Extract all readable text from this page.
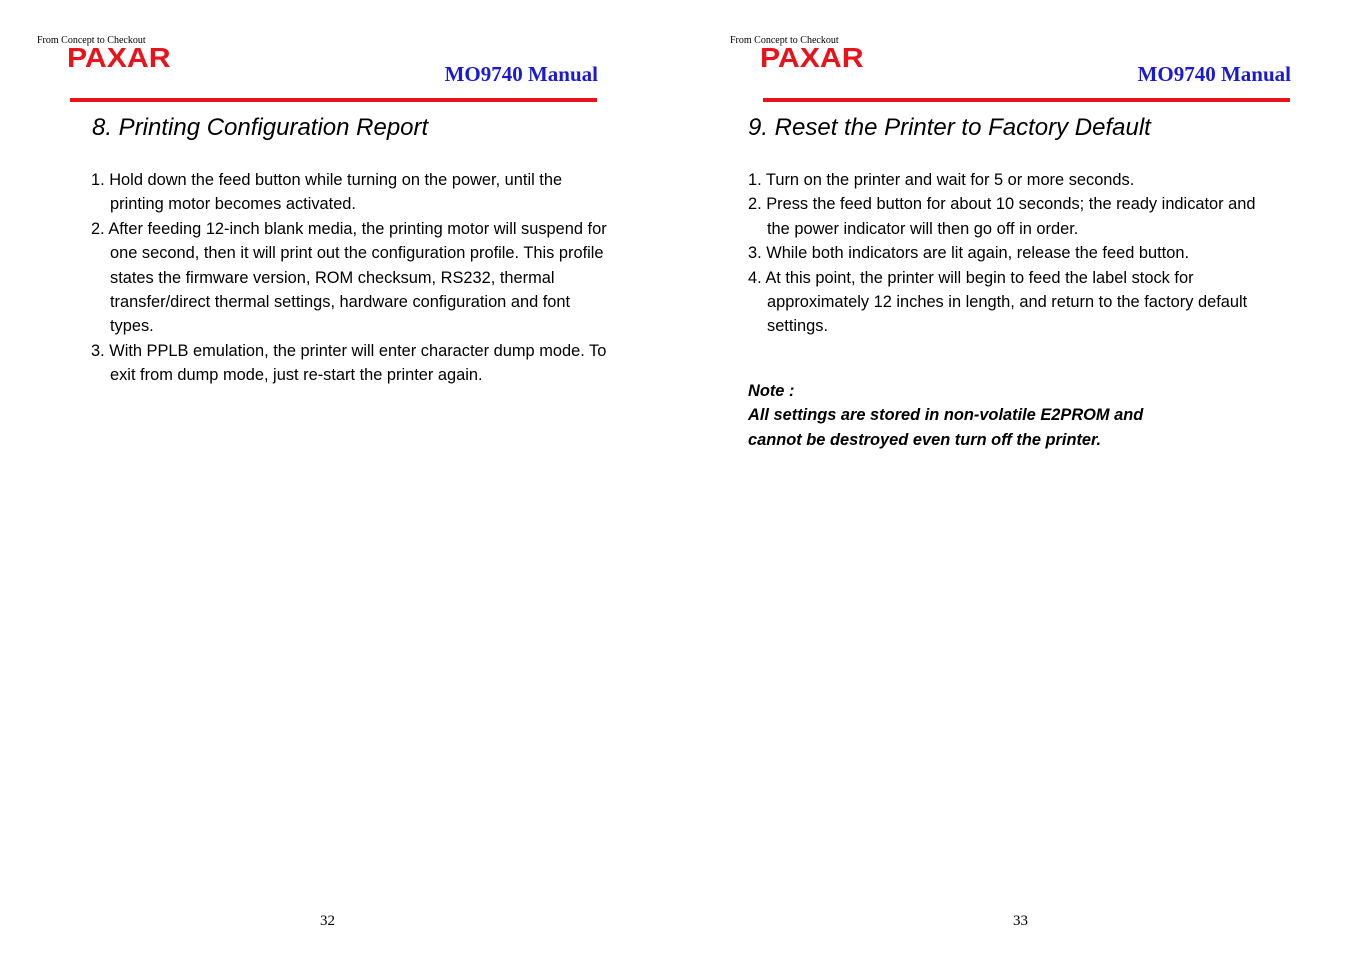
From Concept to Checkout
PAXAR
MO9740 Manual
8. Printing Configuration Report
1. Hold down the feed button while turning on the power, until the printing motor becomes activated.
2. After feeding 12-inch blank media, the printing motor will suspend for one second, then it will print out the configuration profile. This profile states the firmware version, ROM checksum, RS232, thermal transfer/direct thermal settings, hardware configuration and font types.
3. With PPLB emulation, the printer will enter character dump mode. To exit from dump mode, just re-start the printer again.
32
From Concept to Checkout
PAXAR
MO9740 Manual
9. Reset the Printer to Factory Default
1. Turn on the printer and wait for 5 or more seconds.
2. Press the feed button for about 10 seconds; the ready indicator and the power indicator will then go off in order.
3. While both indicators are lit again, release the feed button.
4. At this point, the printer will begin to feed the label stock for approximately 12 inches in length, and return to the factory default settings.
Note :
All settings are stored in non-volatile E2PROM and
cannot be destroyed even turn off the printer.
33
